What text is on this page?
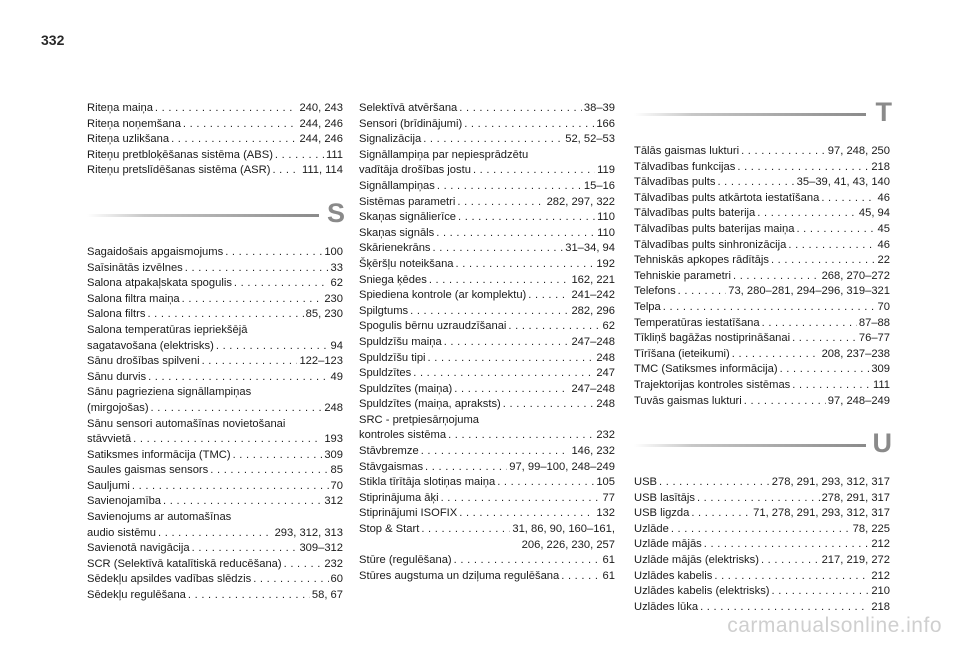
332
Riteņa maiņa . . .	240, 243
Riteņa noņemšana . . .	244, 246
Riteņa uzlikšana . . .	244, 246
Riteņu pretbloķēšanas sistēma (ABS) . . .	111
Riteņu pretslīdēšanas sistēma (ASR) . . .	111, 114
S
Sagaidošais apgaismojums . . .	100
Saīsinātās izvēlnes . . .	33
Salona atpakaļskata spogulis . . .	62
Salona filtra maiņa . . .	230
Salona filtrs . . .	85, 230
Salona temperatūras iepriekšējā
sagatavošana (elektrisks) . . .	94
Sānu drošības spilveni . . .	122–123
Sānu durvis . . .	49
Sānu pagrieziena signāllampiņas
(mirgojošas) . . .	248
Sānu sensori automašīnas novietošanai
stāvvietā . . .	193
Satiksmes informācija (TMC) . . .	309
Saules gaismas sensors . . .	85
Sauljumi . . .	70
Savienojamība . . .	312
Savienojums ar automašīnas
audio sistēmu . . .	293, 312, 313
Savienotā navigācija . . .	309–312
SCR (Selektīvā katalītiskā reducēšana) . . .	232
Sēdekļu apsildes vadības slēdzis . . .	60
Sēdekļu regulēšana . . .	58, 67
Selektīvā atvēršana . . .	38–39
Sensori (brīdinājumi) . . .	166
Signalizācija . . .	52, 52–53
Signāllampiņa par nepiesprādzētu
vadītāja drošības jostu . . .	119
Signāllampiņas . . .	15–16
Sistēmas parametri . . .	282, 297, 322
Skaņas signālierīce . . .	110
Skaņas signāls . . .	110
Skārienekrāns . . .	31–34, 94
Šķēršļu noteikšana . . .	192
Sniega ķēdes . . .	162, 221
Spiediena kontrole (ar komplektu) . . .	241–242
Spilgtums . . .	282, 296
Spogulis bērnu uzraudzīšanai . . .	62
Spuldzīšu maiņa . . .	247–248
Spuldzīšu tipi . . .	248
Spuldzītes . . .	247
Spuldzītes (maiņa) . . .	247–248
Spuldzītes (maiņa, apraksts) . . .	248
SRC - pretpiesārņojuma
kontroles sistēma . . .	232
Stāvbremze . . .	146, 232
Stāvgaismas . . .	97, 99–100, 248–249
Stikla tīrītāja slotiņas maiņa . . .	105
Stiprinājuma āķi . . .	77
Stiprinājumi ISOFIX . . .	132
Stop & Start . . .	31, 86, 90, 160–161,
206, 226, 230, 257
Stūre (regulēšana) . . .	61
Stūres augstuma un dziļuma regulēšana . . .	61
T
Tālās gaismas lukturi . . .	97, 248, 250
Tālvadības funkcijas . . .	218
Tālvadības pults . . .	35–39, 41, 43, 140
Tālvadības pults atkārtota iestatīšana . . .	46
Tālvadības pults baterija . . .	45, 94
Tālvadības pults baterijas maiņa . . .	45
Tālvadības pults sinhronizācija . . .	46
Tehniskās apkopes rādītājs . . .	22
Tehniskie parametri . . .	268, 270–272
Telefons . . .	73, 280–281, 294–296, 319–321
Telpa . . .	70
Temperatūras iestatīšana . . .	87–88
Tīkliņš bagāžas nostiprināšanai . . .	76–77
Tīrīšana (ieteikumi) . . .	208, 237–238
TMC (Satiksmes informācija) . . .	309
Trajektorijas kontroles sistēmas . . .	111
Tuvās gaismas lukturi . . .	97, 248–249
U
USB . . .	278, 291, 293, 312, 317
USB lasītājs . . .	278, 291, 317
USB ligzda . . .	71, 278, 291, 293, 312, 317
Uzlāde . . .	78, 225
Uzlāde mājās . . .	212
Uzlāde mājās (elektrisks) . . .	217, 219, 272
Uzlādes kabelis . . .	212
Uzlādes kabelis (elektrisks) . . .	210
Uzlādes lūka . . .	218
carmanualsonline.info
